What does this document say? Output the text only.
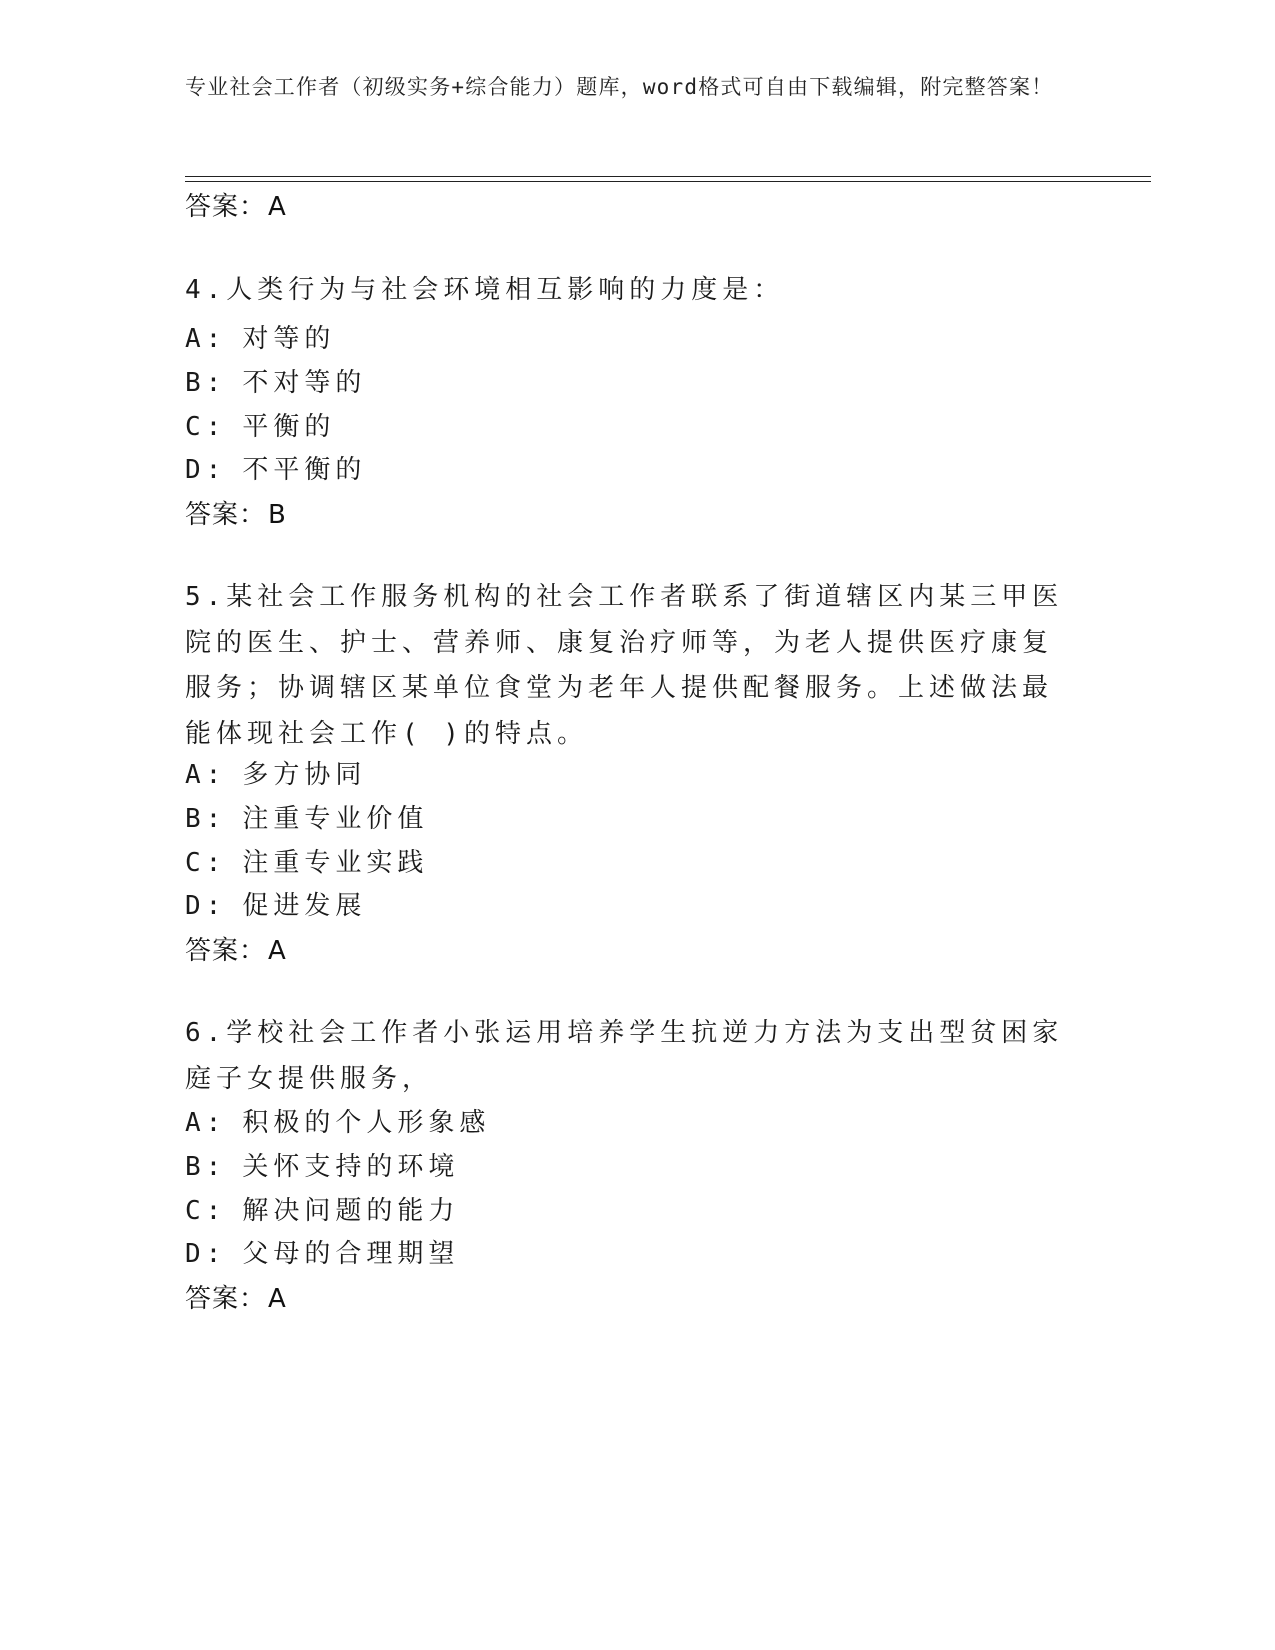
专业社会工作者（初级实务+综合能力）题库，word格式可自由下载编辑，附完整答案！
答案：A
4.人类行为与社会环境相互影响的力度是：
A: 对等的
B: 不对等的
C: 平衡的
D: 不平衡的
答案：B
5.某社会工作服务机构的社会工作者联系了街道辖区内某三甲医院的医生、护士、营养师、康复治疗师等，为老人提供医疗康复服务；协调辖区某单位食堂为老年人提供配餐服务。上述做法最能体现社会工作( )的特点。
A: 多方协同
B: 注重专业价值
C: 注重专业实践
D: 促进发展
答案：A
6.学校社会工作者小张运用培养学生抗逆力方法为支出型贫困家庭子女提供服务，
A: 积极的个人形象感
B: 关怀支持的环境
C: 解决问题的能力
D: 父母的合理期望
答案：A
